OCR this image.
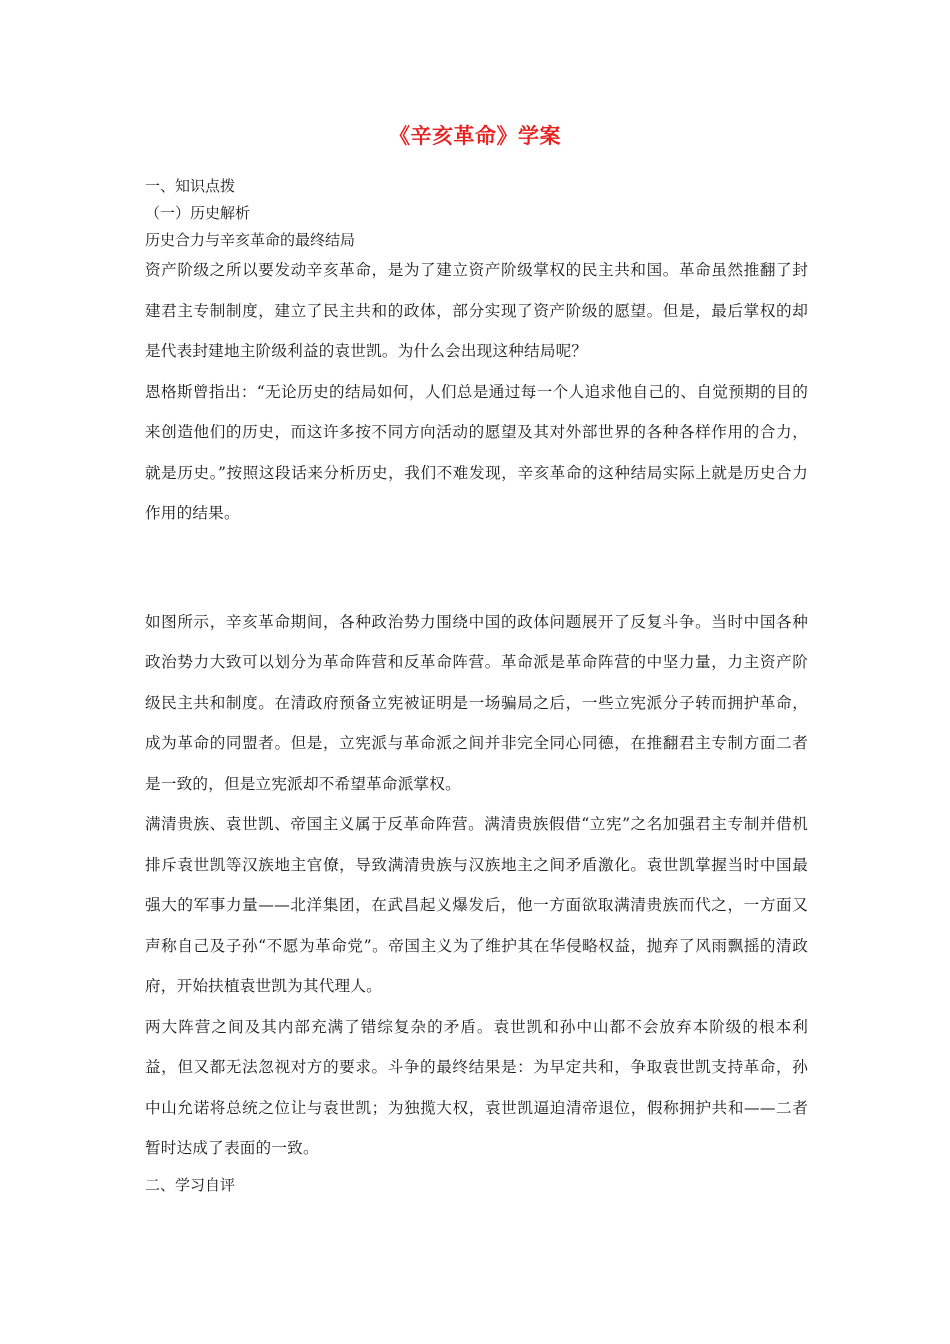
《辛亥革命》学案
一、知识点拨
（一）历史解析
历史合力与辛亥革命的最终结局
资产阶级之所以要发动辛亥革命，是为了建立资产阶级掌权的民主共和国。革命虽然推翻了封建君主专制制度，建立了民主共和的政体，部分实现了资产阶级的愿望。但是，最后掌权的却是代表封建地主阶级利益的袁世凯。为什么会出现这种结局呢？
恩格斯曾指出：“无论历史的结局如何，人们总是通过每一个人追求他自己的、自觉预期的目的来创造他们的历史，而这许多按不同方向活动的愿望及其对外部世界的各种各样作用的合力，就是历史。”按照这段话来分析历史，我们不难发现，辛亥革命的这种结局实际上就是历史合力作用的结果。
如图所示，辛亥革命期间，各种政治势力围绕中国的政体问题展开了反复斗争。当时中国各种政治势力大致可以划分为革命阵营和反革命阵营。革命派是革命阵营的中坚力量，力主资产阶级民主共和制度。在清政府预备立宪被证明是一场骗局之后，一些立宪派分子转而拥护革命，成为革命的同盟者。但是，立宪派与革命派之间并非完全同心同德，在推翻君主专制方面二者是一致的，但是立宪派却不希望革命派掌权。
满清贵族、袁世凯、帝国主义属于反革命阵营。满清贵族假借“立宪”之名加强君主专制并借机排斥袁世凯等汉族地主官僚，导致满清贵族与汉族地主之间矛盾激化。袁世凯掌握当时中国最强大的军事力量——北洋集团，在武昌起义爆发后，他一方面欲取满清贵族而代之，一方面又声称自己及子孙“不愿为革命党”。帝国主义为了维护其在华侵略权益，抛弃了风雨飘摇的清政府，开始扶植袁世凯为其代理人。
两大阵营之间及其内部充满了错综复杂的矛盾。袁世凯和孙中山都不会放弃本阶级的根本利益，但又都无法忽视对方的要求。斗争的最终结果是：为早定共和，争取袁世凯支持革命，孙中山允诺将总统之位让与袁世凯；为独揽大权，袁世凯逼迫清帝退位，假称拥护共和——二者暂时达成了表面的一致。
二、学习自评
